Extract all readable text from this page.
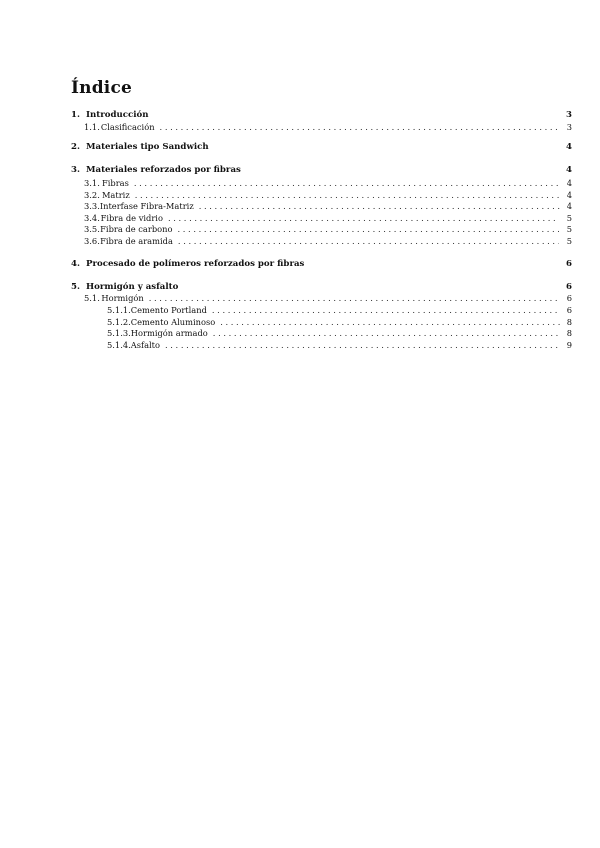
Índice
1. Introducción	3
1.1. Clasificación . . .	3
2. Materiales tipo Sandwich	4
3. Materiales reforzados por fibras	4
3.1. Fibras . . .	4
3.2. Matriz . . .	4
3.3. Interfase Fibra-Matriz . . .	4
3.4. Fibra de vidrio . . .	5
3.5. Fibra de carbono . . .	5
3.6. Fibra de aramida . . .	5
4. Procesado de polímeros reforzados por fibras	6
5. Hormigón y asfalto	6
5.1. Hormigón . . .	6
5.1.1. Cemento Portland . . .	6
5.1.2. Cemento Aluminoso . . .	8
5.1.3. Hormigón armado . . .	8
5.1.4. Asfalto . . .	9
